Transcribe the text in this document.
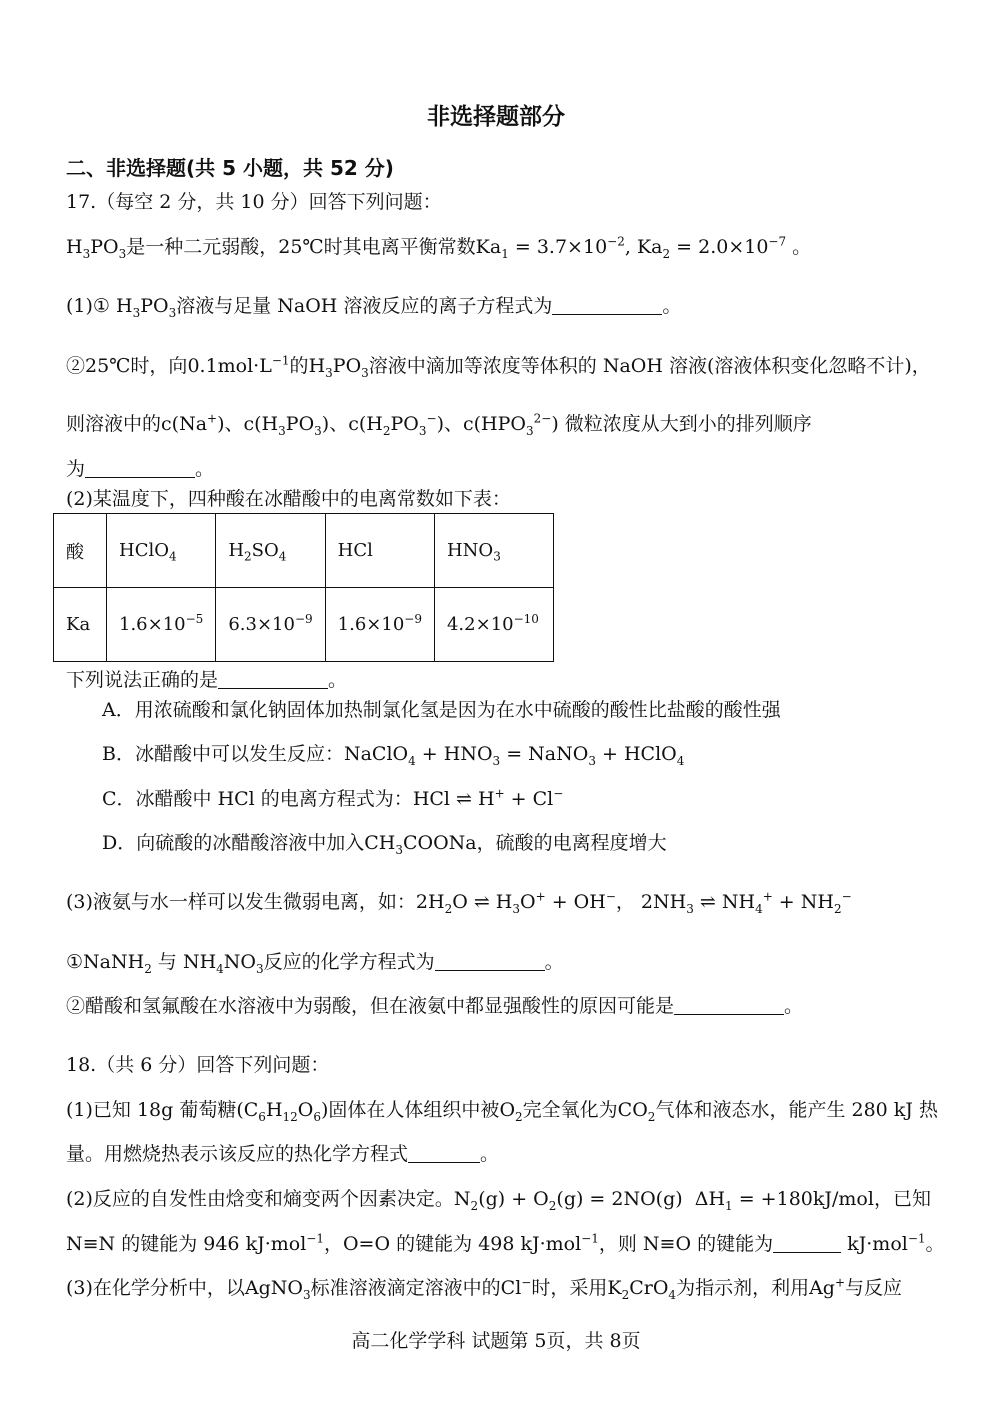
非选择题部分
二、非选择题(共 5 小题，共 52 分)
17.（每空 2 分，共 10 分）回答下列问题：
$H_3PO_3$是一种二元弱酸，25℃时其电离平衡常数$Ka_1 = 3.7\times 10^{-2}$, $Ka_2 = 2.0\times 10^{-7}$ 。
(1)① $H_3PO_3$溶液与足量 NaOH 溶液反应的离子方程式为	。
②25℃时，向$0.1mol\cdot L^{-1}$的$H_3PO_3$溶液中滴加等浓度等体积的 NaOH 溶液(溶液体积变化忽略不计)，
则溶液中的c(Na+)、$c(H_3PO_3)$、$c(H_2PO_3^-)$、$c(HPO_3^{2-})$ 微粒浓度从大到小的排列顺序
为	。
(2)某温度下，四种酸在冰醋酸中的电离常数如下表：
酸	HClO$_4$	$H_2SO_4$	HCl	$HNO_3$
Ka	$1.6\times 10^{-5}$	$6.3\times 10^{-9}$	$1.6\times 10^{-9}$	$4.2\times 10^{-10}$
下列说法正确的是	。
A．用浓硫酸和氯化钠固体加热制氯化氢是因为在水中硫酸的酸性比盐酸的酸性强
B．冰醋酸中可以发生反应：NaClO$_4$ + $HNO_3$ = NaNO$_3$ + HClO$_4$
C．冰醋酸中 HCl 的电离方程式为：HCl ⇌ H+ + Cl−
D．向硫酸的冰醋酸溶液中加入$CH_3COONa$，硫酸的电离程度增大
(3)液氨与水一样可以发生微弱电离，如：$2H_2O$ ⇌ $H_3O^+ + OH^-$， $2NH_3$ ⇌ $NH_4^+ + NH_2^-$
①NaNH$_2$ 与 $NH_4NO_3$反应的化学方程式为	。
②醋酸和氢氟酸在水溶液中为弱酸，但在液氨中都显强酸性的原因可能是	。
18.（共 6 分）回答下列问题：
(1)已知 18g 葡萄糖$(C_6H_{12}O_6)$固体在人体组织中被$O_2$完全氧化为$CO_2$气体和液态水，能产生 280 kJ 热
量。用燃烧热表示该反应的热化学方程式	。
(2)反应的自发性由焓变和熵变两个因素决定。$N_2(g) + O_2(g) = 2NO(g) \Delta H_1 = +180kJ/mol$，已知
N≡N 的键能为 946 kJ·mol$^{-1}$，O=O 的键能为 498 kJ·mol$^{-1}$，则 N≡O 的键能为	kJ·mol$^{-1}$。
(3)在化学分析中，以AgNO$_3$标准溶液滴定溶液中的Cl−时，采用$K_2CrO_4$为指示剂，利用Ag+与反应
高二化学学科 试题第 5页，共 8页
